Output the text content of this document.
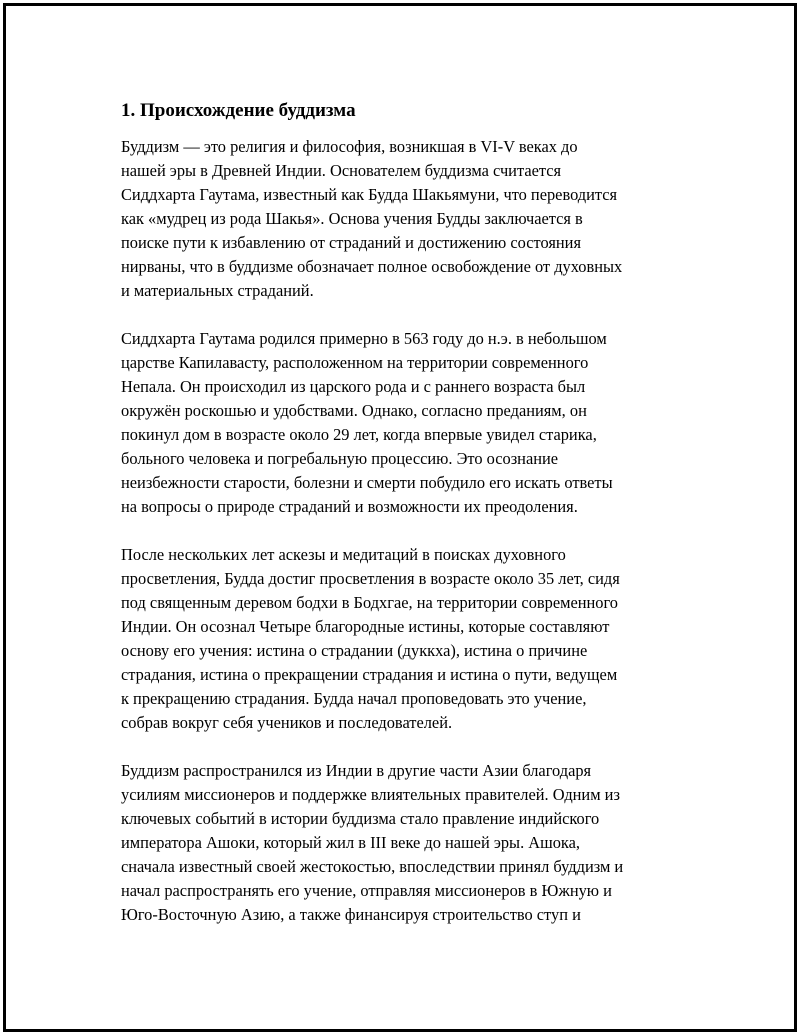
1. Происхождение буддизма

Буддизм — это религия и философия, возникшая в VI-V веках до
нашей эры в Древней Индии. Основателем буддизма считается
Сиддхарта Гаутама, известный как Будда Шакьямуни, что переводится
как «мудрец из рода Шакья». Основа учения Будды заключается в
поиске пути к избавлению от страданий и достижению состояния
нирваны, что в буддизме обозначает полное освобождение от духовных
и материальных страданий.

Сиддхарта Гаутама родился примерно в 563 году до н.э. в небольшом
царстве Капилавасту, расположенном на территории современного
Непала. Он происходил из царского рода и с раннего возраста был
окружён роскошью и удобствами. Однако, согласно преданиям, он
покинул дом в возрасте около 29 лет, когда впервые увидел старика,
больного человека и погребальную процессию. Это осознание
неизбежности старости, болезни и смерти побудило его искать ответы
на вопросы о природе страданий и возможности их преодоления.

После нескольких лет аскезы и медитаций в поисках духовного
просветления, Будда достиг просветления в возрасте около 35 лет, сидя
под священным деревом бодхи в Бодхгае, на территории современного
Индии. Он осознал Четыре благородные истины, которые составляют
основу его учения: истина о страдании (дуккха), истина о причине
страдания, истина о прекращении страдания и истина о пути, ведущем
к прекращению страдания. Будда начал проповедовать это учение,
собрав вокруг себя учеников и последователей.

Буддизм распространился из Индии в другие части Азии благодаря
усилиям миссионеров и поддержке влиятельных правителей. Одним из
ключевых событий в истории буддизма стало правление индийского
императора Ашоки, который жил в III веке до нашей эры. Ашока,
сначала известный своей жестокостью, впоследствии принял буддизм и
начал распространять его учение, отправляя миссионеров в Южную и
Юго-Восточную Азию, а также финансируя строительство ступ и
